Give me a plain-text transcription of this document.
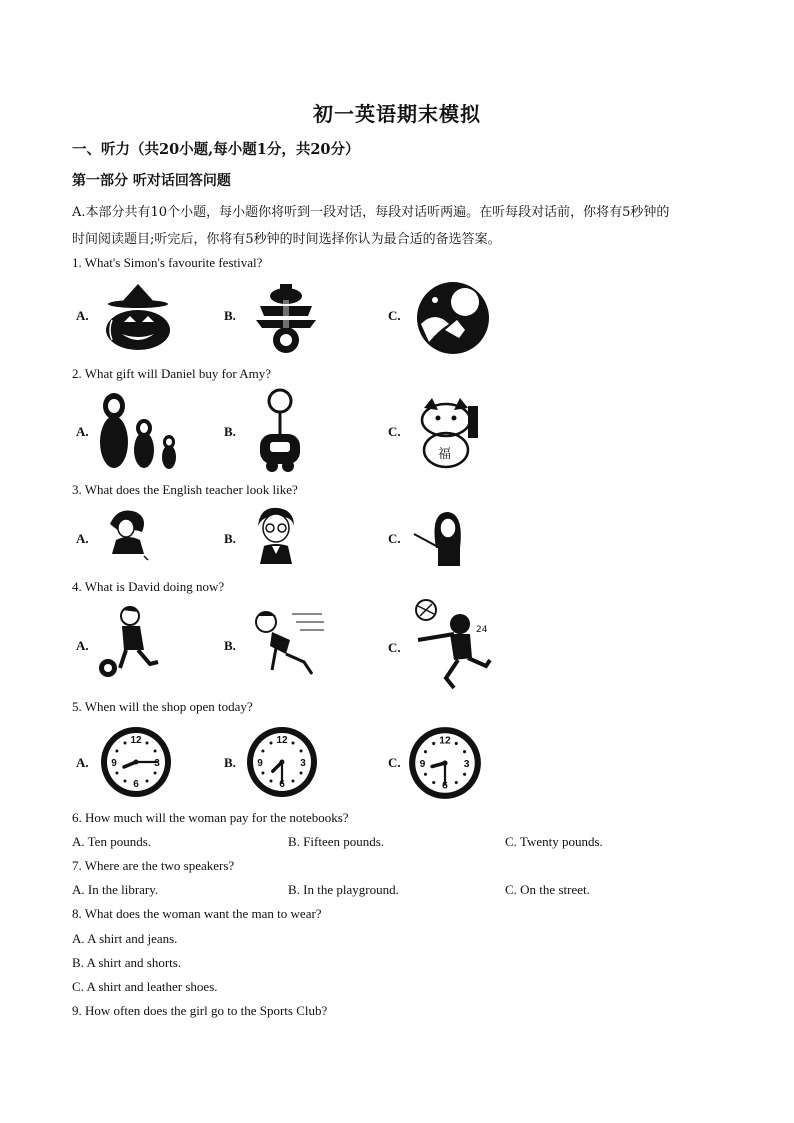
初一英语期末模拟
一、听力（共20小题,每小题1分，共20分）
第一部分 听对话回答问题
A.本部分共有10个小题，每小题你将听到一段对话，每段对话听两遍。在听每段对话前，你将有5秒钟的
时间阅读题目;听完后，你将有5秒钟的时间选择你认为最合适的备选答案。
1. What's Simon's favourite festival?
A.	B.	C.
2. What gift will Daniel buy for Amy?
A.	B.	C.
福
3. What does the English teacher look like?
A.	B.	C.
4. What is David doing now?
A.	B.	C.
24
5. When will the shop open today?
A.	3
6
9
12
B.	3
6
9
12
C.	3
6
9
12
6. How much will the woman pay for the notebooks?
A. Ten pounds.	B. Fifteen pounds.	C. Twenty pounds.
7. Where are the two speakers?
A. In the library.	B. In the playground.	C. On the street.
8. What does the woman want the man to wear?
A. A shirt and jeans.
B. A shirt and shorts.
C. A shirt and leather shoes.
9. How often does the girl go to the Sports Club?
